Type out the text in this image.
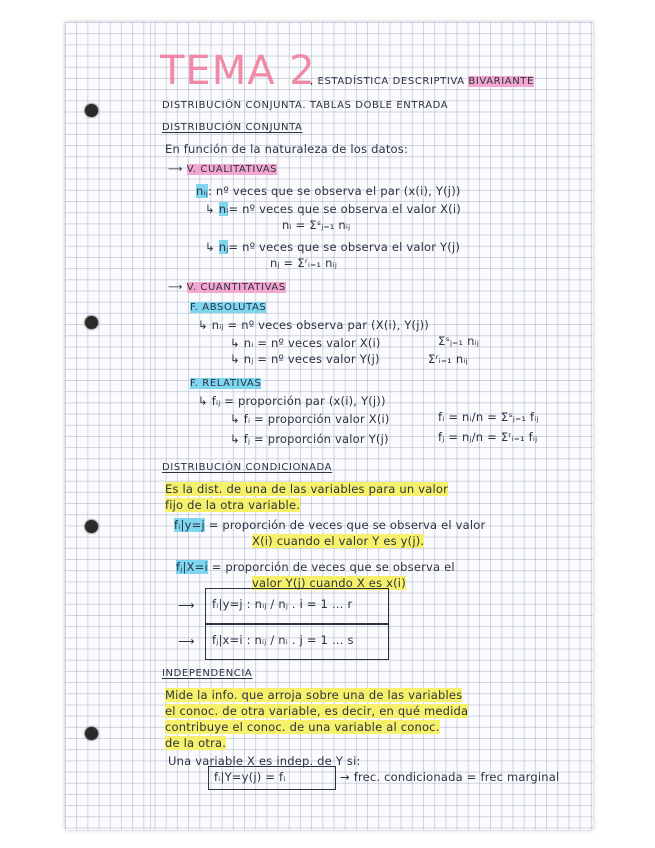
TEMA 2
, ESTADÍSTICA DESCRIPTIVA BIVARIANTE
DISTRIBUCIÓN CONJUNTA. TABLAS DOBLE ENTRADA
DISTRIBUCIÓN CONJUNTA
En función de la naturaleza de los datos:
⟶ V. CUALITATIVAS
nᵢⱼ: nº veces que se observa el par (x(i), Y(j))
↳ nᵢ= nº veces que se observa el valor X(i)
nᵢ = Σˢⱼ₌₁ nᵢⱼ
↳ nⱼ= nº veces que se observa el valor Y(j)
nⱼ = Σʳᵢ₌₁ nᵢⱼ
⟶ V. CUANTITATIVAS
F. ABSOLUTAS
↳ nᵢⱼ = nº veces observa par (X(i), Y(j))
↳ nᵢ = nº veces valor X(i)	Σˢⱼ₌₁ nᵢⱼ
↳ nⱼ = nº veces valor Y(j)	Σʳᵢ₌₁ nᵢⱼ
F. RELATIVAS
↳ fᵢⱼ = proporción par (x(i), Y(j))
↳ fᵢ = proporción valor X(i)	fᵢ = nᵢ/n = Σˢⱼ₌₁ fᵢⱼ
↳ fⱼ = proporción valor Y(j)	fⱼ = nⱼ/n = Σʳᵢ₌₁ fᵢⱼ
DISTRIBUCIÓN CONDICIONADA
Es la dist. de una de las variables para un valor
fijo de la otra variable.
fᵢ|y=j = proporción de veces que se observa el valor
X(i) cuando el valor Y es y(j).
fⱼ|X=i = proporción de veces que se observa el
valor Y(j) cuando X es x(i)
⟶ fᵢ|y=j : nᵢⱼ / nⱼ . i = 1 … r
⟶ fⱼ|x=i : nᵢⱼ / nᵢ . j = 1 … s
INDEPENDENCIA
Mide la info. que arroja sobre una de las variables
el conoc. de otra variable, es decir, en qué medida
contribuye el conoc. de una variable al conoc.
de la otra.
Una variable X es indep. de Y si:
fᵢ|Y=y(j) = fᵢ	→ frec. condicionada = frec marginal
